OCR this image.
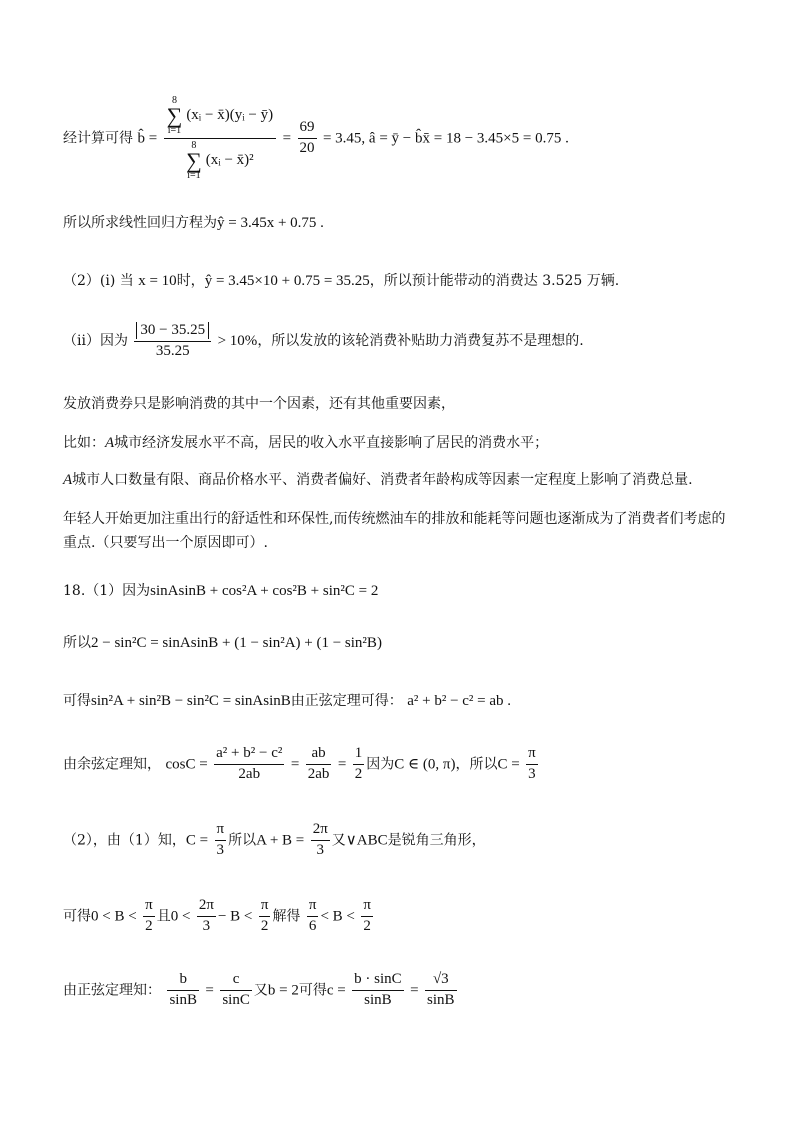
经计算可得 b̂ = 8
∑
i=1
(xᵢ − x̄)(yᵢ − ȳ)
8
∑
i=1
(xᵢ − x̄)² = $\frac{69}{20} = 3.45$, â = ȳ − b̂x̄ = 18 − 3.45×5 = 0.75 .
所以所求线性回归方程为ŷ = 3.45x + 0.75 .
（2）(i) 当 x = 10时，ŷ = 3.45×10 + 0.75 = 35.25，所以预计能带动的消费达 3.525 万辆.
（ii）因为 $\frac{30 - 35.25}{35.25} > 10\%$，所以发放的该轮消费补贴助力消费复苏不是理想的.
发放消费券只是影响消费的其中一个因素，还有其他重要因素，
比如：A城市经济发展水平不高，居民的收入水平直接影响了居民的消费水平；
A城市人口数量有限、商品价格水平、消费者偏好、消费者年龄构成等因素一定程度上影响了消费总量.
年轻人开始更加注重出行的舒适性和环保性,而传统燃油车的排放和能耗等问题也逐渐成为了消费者们考虑的重点.（只要写出一个原因即可）.
18.（1）因为sinAsinB + cos²A + cos²B + sin²C = 2
所以2 − sin²C = sinAsinB + (1 − sin²A) + (1 − sin²B)
可得sin²A + sin²B − sin²C = sinAsinB由正弦定理可得： a² + b² − c² = ab .
由余弦定理知， $\cos C = \frac{\text{a² + b² − c²}}{2ab} = \frac{ab}{2ab} = \frac{1}{2}$ 因为C ∈ (0, π)，所以$C = \frac{\pi}{3}$
（2），由（1）知，$C = \frac{\pi}{3}$ 所以$A + B = \frac{2\pi}{3}$ 又∨ABC是锐角三角形，
可得$0 < B < \frac{\pi}{2}$ 且$0 < \frac{2\pi}{3} - B < \frac{\pi}{2}$ 解得 $\frac{\pi}{6} < B < \frac{\pi}{2}$
由正弦定理知： $\frac{b}{\sin B} = \frac{c}{\sin C}$ 又b = 2可得$c = \frac{b \cdot \sin C}{\sin B} = \frac{√3}{\sin B}$
